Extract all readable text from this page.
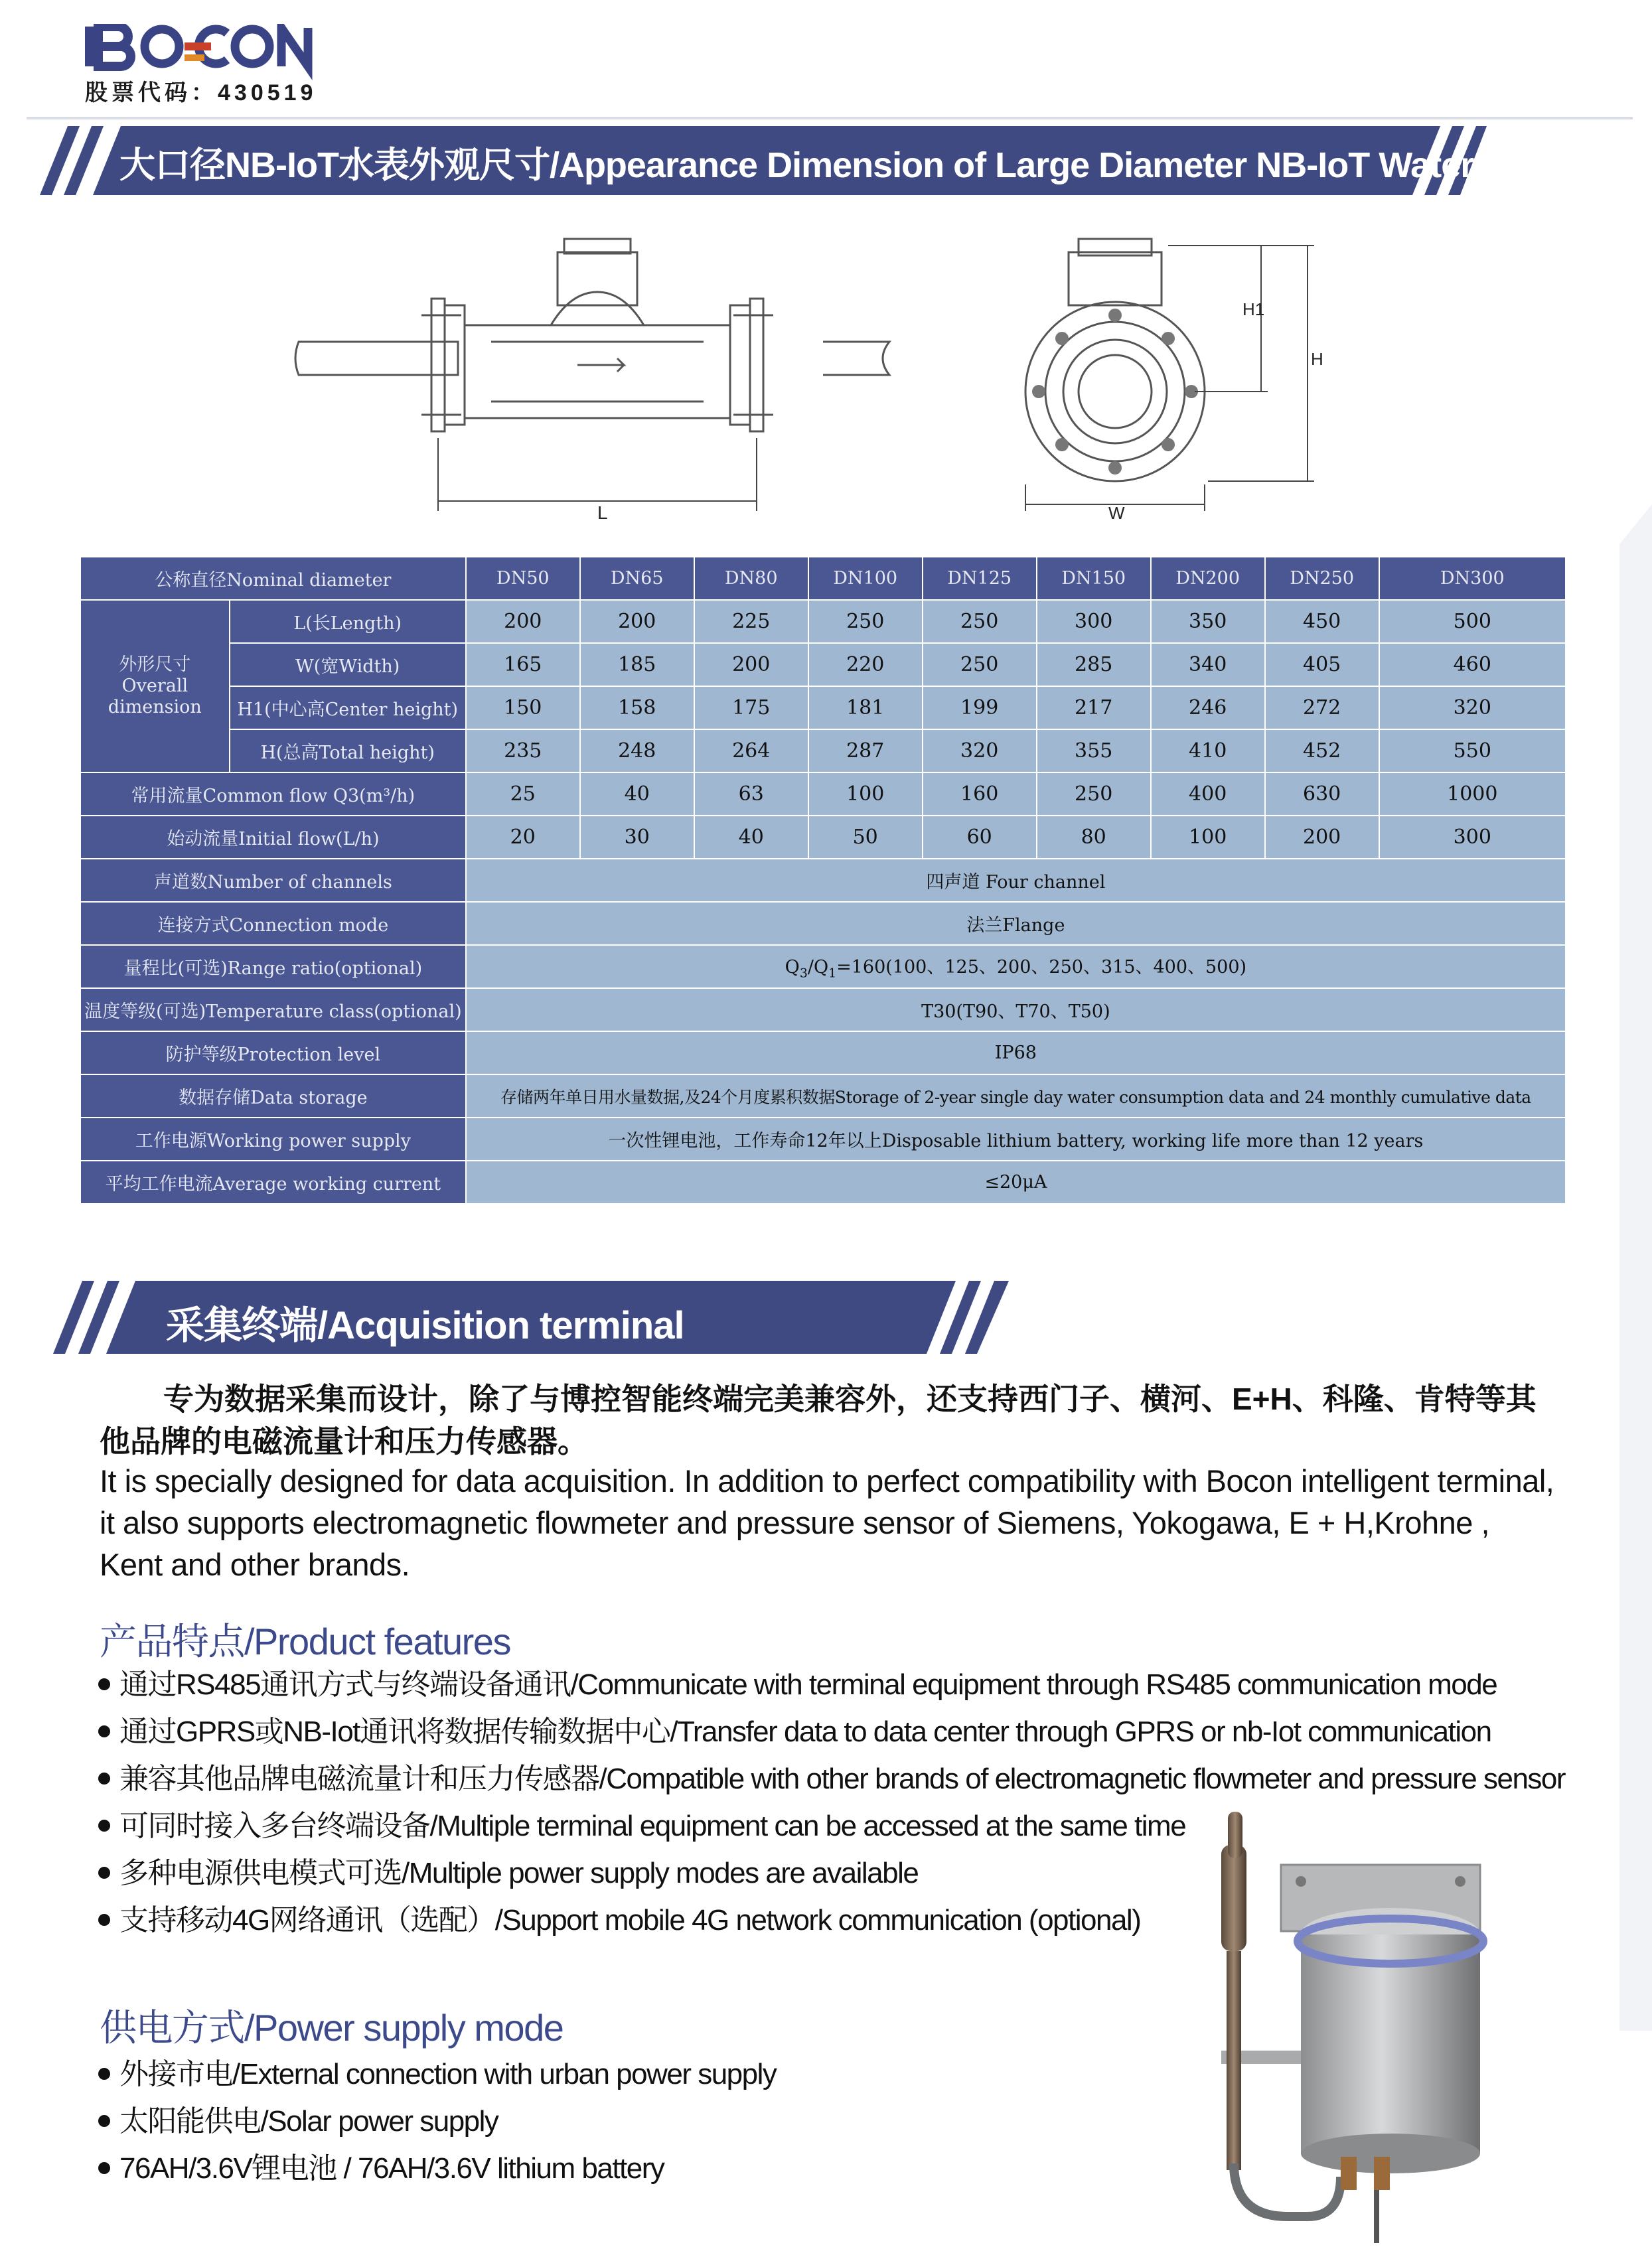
股票代码：430519
大口径NB-IoT水表外观尺寸/Appearance Dimension of Large Diameter NB-IoT Water
L	W
H1
H
公称直径Nominal diameter		DN50	DN65	DN80	DN100	DN125	DN150	DN200	DN250	DN300
外形尺寸
Overall
dimension	L(长Length)	200	200	225	250	250	300	350	450	500
	W(宽Width)	165	185	200	220	250	285	340	405	460
	H1(中心高Center height)	150	158	175	181	199	217	246	272	320
	H(总高Total height)	235	248	264	287	320	355	410	452	550
常用流量Common flow Q3(m³/h)		25	40	63	100	160	250	400	630	1000
始动流量Initial flow(L/h)		20	30	40	50	60	80	100	200	300
声道数Number of channels		四声道 Four channel								
连接方式Connection mode		法兰Flange								
量程比(可选)Range ratio(optional)		$Q_3/Q_1=160(100$、125、200、250、315、400、500)								
温度等级(可选)Temperature class(optional)		T30(T90、T70、T50)								
防护等级Protection level		IP68								
数据存储Data storage		存储两年单日用水量数据,及24个月度累积数据Storage of 2-year single day water consumption data and 24 monthly cumulative data								
工作电源Working power supply		一次性锂电池，工作寿命12年以上Disposable lithium battery, working life more than 12 years								
平均工作电流Average working current		≤20μA								
采集终端/Acquisition terminal
专为数据采集而设计，除了与博控智能终端完美兼容外，还支持西门子、横河、E+H、科隆、肯特等其他品牌的电磁流量计和压力传感器。
It is specially designed for data acquisition. In addition to perfect compatibility with Bocon intelligent terminal, it also supports electromagnetic flowmeter and pressure sensor of Siemens, Yokogawa, E + H,Krohne , Kent and other brands.
产品特点/Product features
通过RS485通讯方式与终端设备通讯/Communicate with terminal equipment through RS485 communication mode
通过GPRS或NB-Iot通讯将数据传输数据中心/Transfer data to data center through GPRS or nb-Iot communication
兼容其他品牌电磁流量计和压力传感器/Compatible with other brands of electromagnetic flowmeter and pressure sensor
可同时接入多台终端设备/Multiple terminal equipment can be accessed at the same time
多种电源供电模式可选/Multiple power supply modes are available
支持移动4G网络通讯（选配）/Support mobile 4G network communication (optional)
供电方式/Power supply mode
外接市电/External connection with urban power supply
太阳能供电/Solar power supply
76AH/3.6V锂电池 / 76AH/3.6V lithium battery
